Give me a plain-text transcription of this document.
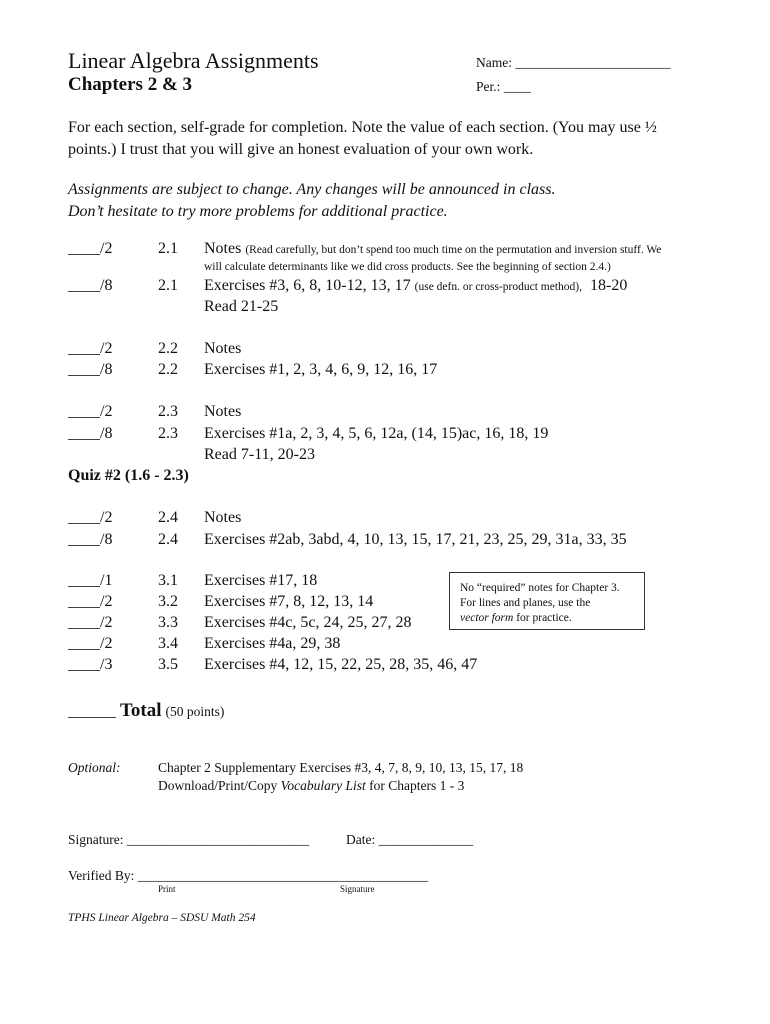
Linear Algebra Assignments
Chapters 2 & 3
Name: _______________________
Per.: ____
For each section, self-grade for completion. Note the value of each section. (You may use ½
points.) I trust that you will give an honest evaluation of your own work.
Assignments are subject to change. Any changes will be announced in class.
Don’t hesitate to try more problems for additional practice.
____/2	2.1 Notes (Read carefully, but don’t spend too much time on the permutation and inversion stuff. We
will calculate determinants like we did cross products. See the beginning of section 2.4.)
____/8	2.1 Exercises #3, 6, 8, 10-12, 13, 17 (use defn. or cross-product method), 18-20
Read 21-25
____/2	2.2 Notes
____/8	2.2 Exercises #1, 2, 3, 4, 6, 9, 12, 16, 17
____/2	2.3 Notes
____/8	2.3 Exercises #1a, 2, 3, 4, 5, 6, 12a, (14, 15)ac, 16, 18, 19
Read 7-11, 20-23
Quiz #2 (1.6 - 2.3)
____/2	2.4 Notes
____/8	2.4 Exercises #2ab, 3abd, 4, 10, 13, 15, 17, 21, 23, 25, 29, 31a, 33, 35
____/1	3.1 Exercises #17, 18
____/2	3.2 Exercises #7, 8, 12, 13, 14
____/2	3.3 Exercises #4c, 5c, 24, 25, 27, 28
____/2	3.4 Exercises #4a, 29, 38
____/3	3.5 Exercises #4, 12, 15, 22, 25, 28, 35, 46, 47
No “required” notes for Chapter 3.
For lines and planes, use the
vector form for practice.
______ Total (50 points)
Optional:	Chapter 2 Supplementary Exercises #3, 4, 7, 8, 9, 10, 13, 15, 17, 18
Download/Print/Copy Vocabulary List for Chapters 1 - 3
Signature: ___________________________	Date: ______________
Verified By: ___________________________________________
Print	Signature
TPHS Linear Algebra – SDSU Math 254
